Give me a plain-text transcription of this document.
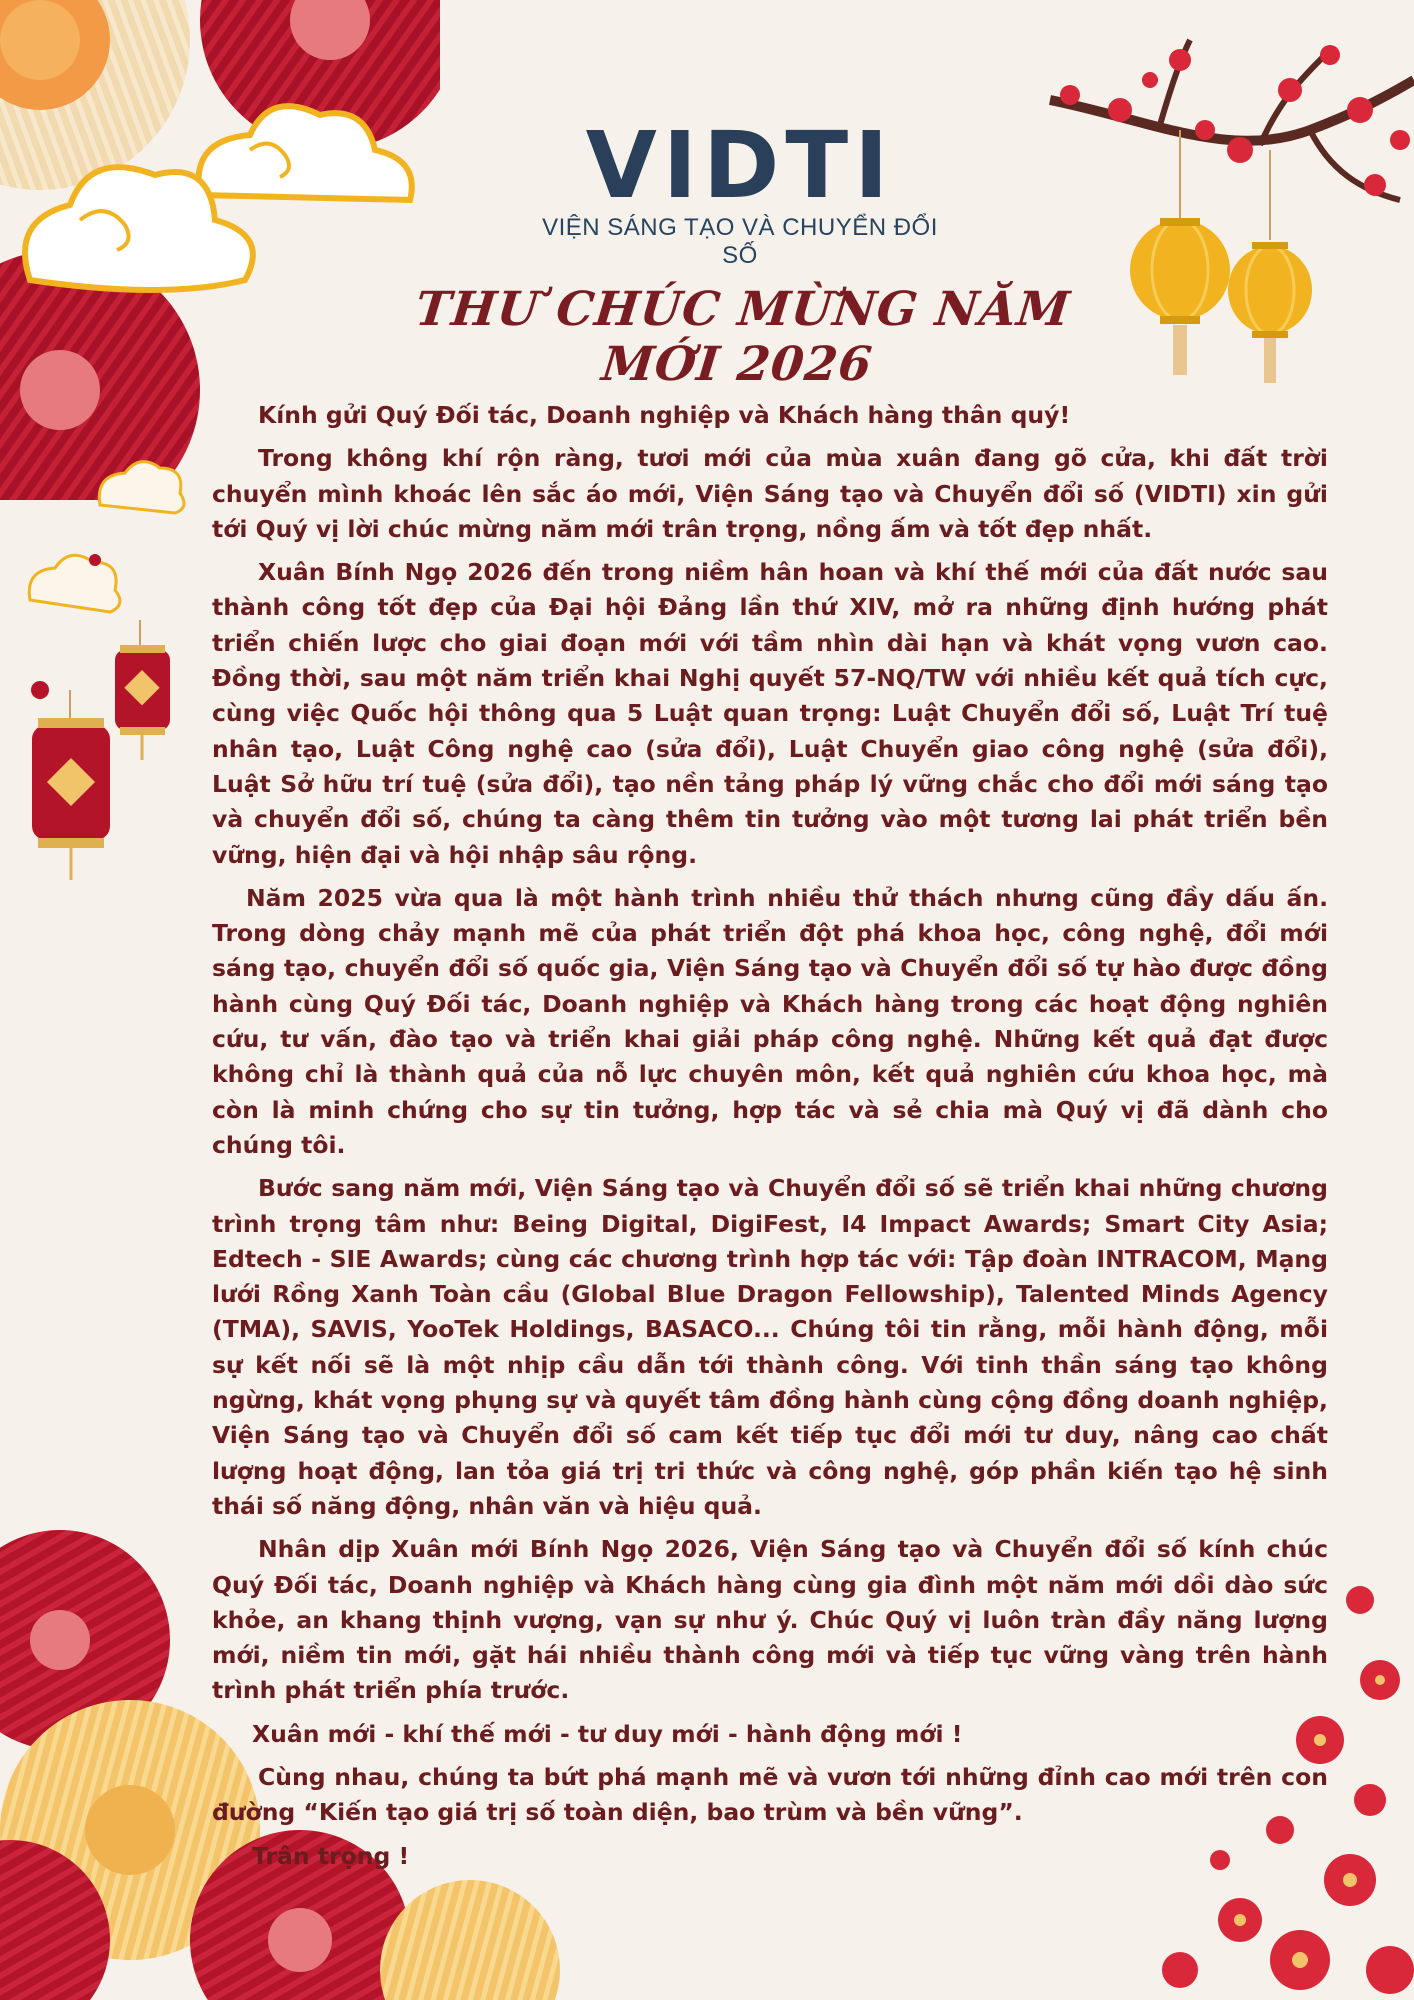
VIDTI
VIỆN SÁNG TẠO VÀ CHUYỂN ĐỔI SỐ
THƯ CHÚC MỪNG NĂM MỚI 2026

Kính gửi Quý Đối tác, Doanh nghiệp và Khách hàng thân quý!

Trong không khí rộn ràng, tươi mới của mùa xuân đang gõ cửa, khi đất trời chuyển mình khoác lên sắc áo mới, Viện Sáng tạo và Chuyển đổi số (VIDTI) xin gửi tới Quý vị lời chúc mừng năm mới trân trọng, nồng ấm và tốt đẹp nhất.

Xuân Bính Ngọ 2026 đến trong niềm hân hoan và khí thế mới của đất nước sau thành công tốt đẹp của Đại hội Đảng lần thứ XIV, mở ra những định hướng phát triển chiến lược cho giai đoạn mới với tầm nhìn dài hạn và khát vọng vươn cao. Đồng thời, sau một năm triển khai Nghị quyết 57-NQ/TW với nhiều kết quả tích cực, cùng việc Quốc hội thông qua 5 Luật quan trọng: Luật Chuyển đổi số, Luật Trí tuệ nhân tạo, Luật Công nghệ cao (sửa đổi), Luật Chuyển giao công nghệ (sửa đổi), Luật Sở hữu trí tuệ (sửa đổi), tạo nền tảng pháp lý vững chắc cho đổi mới sáng tạo và chuyển đổi số, chúng ta càng thêm tin tưởng vào một tương lai phát triển bền vững, hiện đại và hội nhập sâu rộng.

Năm 2025 vừa qua là một hành trình nhiều thử thách nhưng cũng đầy dấu ấn. Trong dòng chảy mạnh mẽ của phát triển đột phá khoa học, công nghệ, đổi mới sáng tạo, chuyển đổi số quốc gia, Viện Sáng tạo và Chuyển đổi số tự hào được đồng hành cùng Quý Đối tác, Doanh nghiệp và Khách hàng trong các hoạt động nghiên cứu, tư vấn, đào tạo và triển khai giải pháp công nghệ. Những kết quả đạt được không chỉ là thành quả của nỗ lực chuyên môn, kết quả nghiên cứu khoa học, mà còn là minh chứng cho sự tin tưởng, hợp tác và sẻ chia mà Quý vị đã dành cho chúng tôi.

Bước sang năm mới, Viện Sáng tạo và Chuyển đổi số sẽ triển khai những chương trình trọng tâm như: Being Digital, DigiFest, I4 Impact Awards; Smart City Asia; Edtech - SIE Awards; cùng các chương trình hợp tác với: Tập đoàn INTRACOM, Mạng lưới Rồng Xanh Toàn cầu (Global Blue Dragon Fellowship), Talented Minds Agency (TMA), SAVIS, YooTek Holdings, BASACO... Chúng tôi tin rằng, mỗi hành động, mỗi sự kết nối sẽ là một nhịp cầu dẫn tới thành công. Với tinh thần sáng tạo không ngừng, khát vọng phụng sự và quyết tâm đồng hành cùng cộng đồng doanh nghiệp, Viện Sáng tạo và Chuyển đổi số cam kết tiếp tục đổi mới tư duy, nâng cao chất lượng hoạt động, lan tỏa giá trị tri thức và công nghệ, góp phần kiến tạo hệ sinh thái số năng động, nhân văn và hiệu quả.

Nhân dịp Xuân mới Bính Ngọ 2026, Viện Sáng tạo và Chuyển đổi số kính chúc Quý Đối tác, Doanh nghiệp và Khách hàng cùng gia đình một năm mới dồi dào sức khỏe, an khang thịnh vượng, vạn sự như ý. Chúc Quý vị luôn tràn đầy năng lượng mới, niềm tin mới, gặt hái nhiều thành công mới và tiếp tục vững vàng trên hành trình phát triển phía trước.

Xuân mới - khí thế mới - tư duy mới - hành động mới !

Cùng nhau, chúng ta bứt phá mạnh mẽ và vươn tới những đỉnh cao mới trên con đường “Kiến tạo giá trị số toàn diện, bao trùm và bền vững”.

Trân trọng !
